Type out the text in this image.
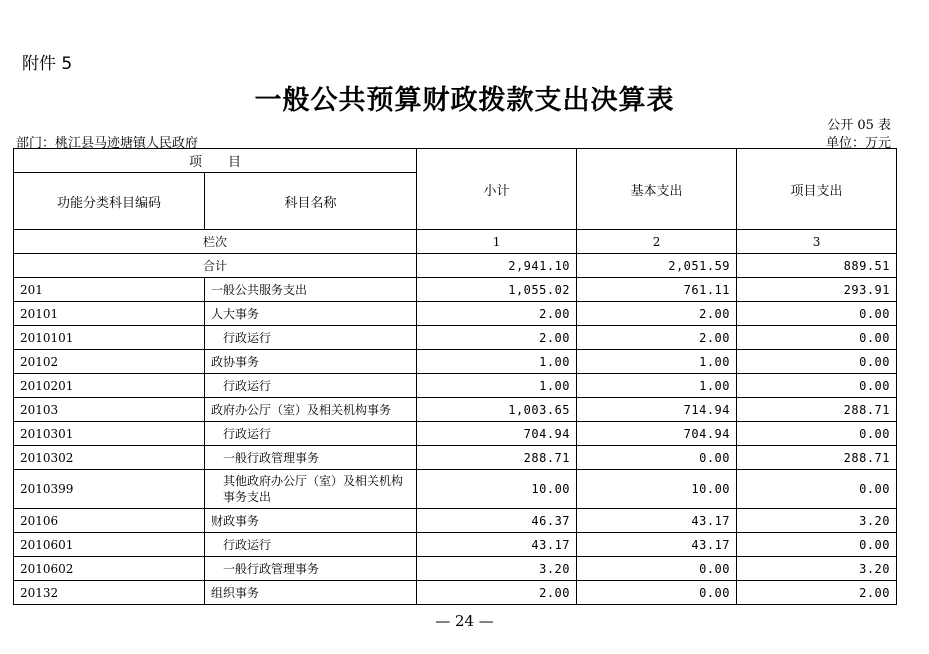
附件 5
一般公共预算财政拨款支出决算表
公开 05 表
部门：桃江县马迹塘镇人民政府	单位：万元
项　　目		小计	基本支出	项目支出
功能分类科目编码	科目名称			
栏次		1	2	3
合计		2,941.10	2,051.59	889.51
201	一般公共服务支出	1,055.02	761.11	293.91
20101	人大事务	2.00	2.00	0.00
2010101	行政运行	2.00	2.00	0.00
20102	政协事务	1.00	1.00	0.00
2010201	行政运行	1.00	1.00	0.00
20103	政府办公厅（室）及相关机构事务	1,003.65	714.94	288.71
2010301	行政运行	704.94	704.94	0.00
2010302	一般行政管理事务	288.71	0.00	288.71
2010399	其他政府办公厅（室）及相关机构事务支出	10.00	10.00	0.00
20106	财政事务	46.37	43.17	3.20
2010601	行政运行	43.17	43.17	0.00
2010602	一般行政管理事务	3.20	0.00	3.20
20132	组织事务	2.00	0.00	2.00
— 24 —
